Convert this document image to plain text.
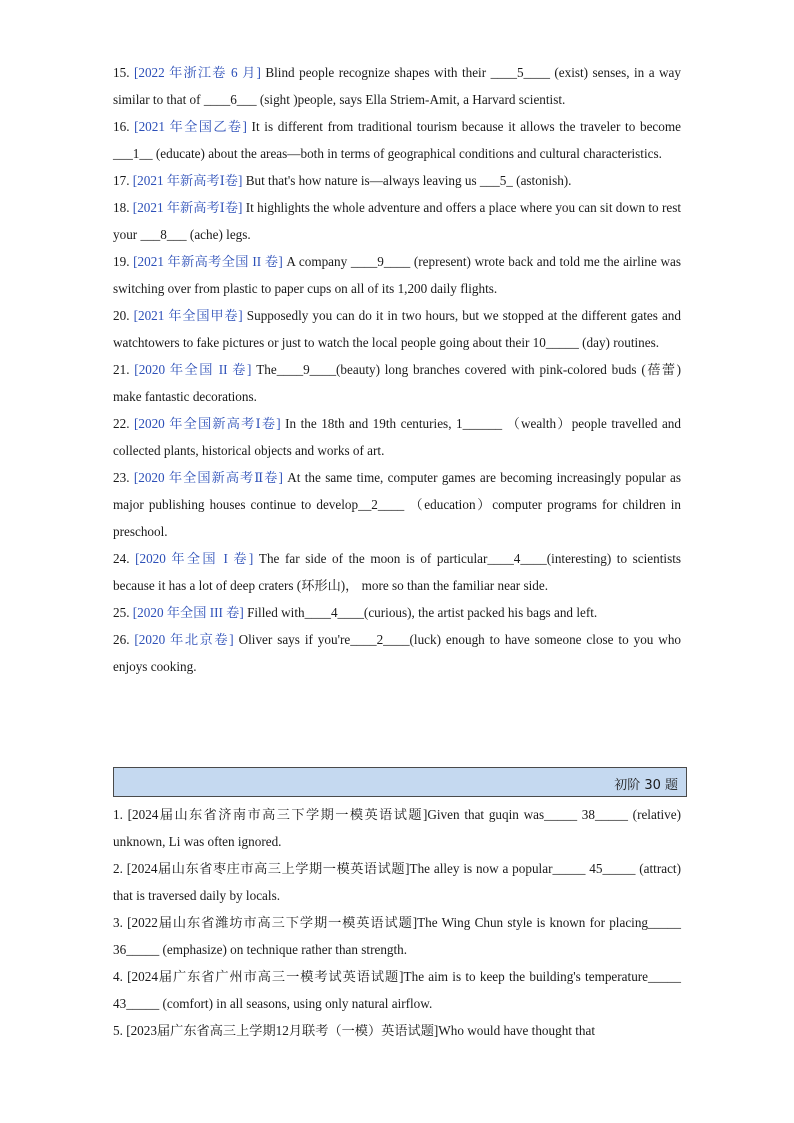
15. [2022 年浙江卷 6 月] Blind people recognize shapes with their ____5____ (exist) senses, in a way similar to that of ____6___ (sight )people, says Ella Striem-Amit, a Harvard scientist.

16. [2021 年全国乙卷] It is different from traditional tourism because it allows the traveler to become ___1__ (educate) about the areas—both in terms of geographical conditions and cultural characteristics.

17. [2021 年新高考Ⅰ卷] But that's how nature is—always leaving us ___5_ (astonish).

18. [2021 年新高考Ⅰ卷] It highlights the whole adventure and offers a place where you can sit down to rest your ___8___ (ache) legs.

19. [2021 年新高考全国 II 卷] A company ____9____ (represent) wrote back and told me the airline was switching over from plastic to paper cups on all of its 1,200 daily flights.

20. [2021 年全国甲卷] Supposedly you can do it in two hours, but we stopped at the different gates and watchtowers to fake pictures or just to watch the local people going about their 10_____ (day) routines.

21. [2020 年全国 II 卷] The____9____(beauty) long branches covered with pink-colored buds (蓓蕾) make fantastic decorations.

22. [2020 年全国新高考Ⅰ卷] In the 18th and 19th centuries, 1______ （wealth）people travelled and collected plants, historical objects and works of art.

23. [2020 年全国新高考Ⅱ卷] At the same time, computer games are becoming increasingly popular as major publishing houses continue to develop__2____ （education）computer programs for children in preschool.

24. [2020 年全国 I 卷] The far side of the moon is of particular____4____(interesting) to scientists because it has a lot of deep craters (环形山)， more so than the familiar near side.

25. [2020 年全国 III 卷] Filled with____4____(curious), the artist packed his bags and left.

26. [2020 年北京卷] Oliver says if you're____2____(luck) enough to have someone close to you who enjoys cooking.

初阶 30 题

1. [2024届山东省济南市高三下学期一模英语试题]Given that guqin was_____ 38_____ (relative) unknown, Li was often ignored.

2. [2024届山东省枣庄市高三上学期一模英语试题]The alley is now a popular_____ 45_____ (attract) that is traversed daily by locals.

3. [2022届山东省潍坊市高三下学期一模英语试题]The Wing Chun style is known for placing_____ 36_____ (emphasize) on technique rather than strength.

4. [2024届广东省广州市高三一模考试英语试题]The aim is to keep the building's temperature_____ 43_____ (comfort) in all seasons, using only natural airflow.

5. [2023届广东省高三上学期12月联考（一模）英语试题]Who would have thought that
